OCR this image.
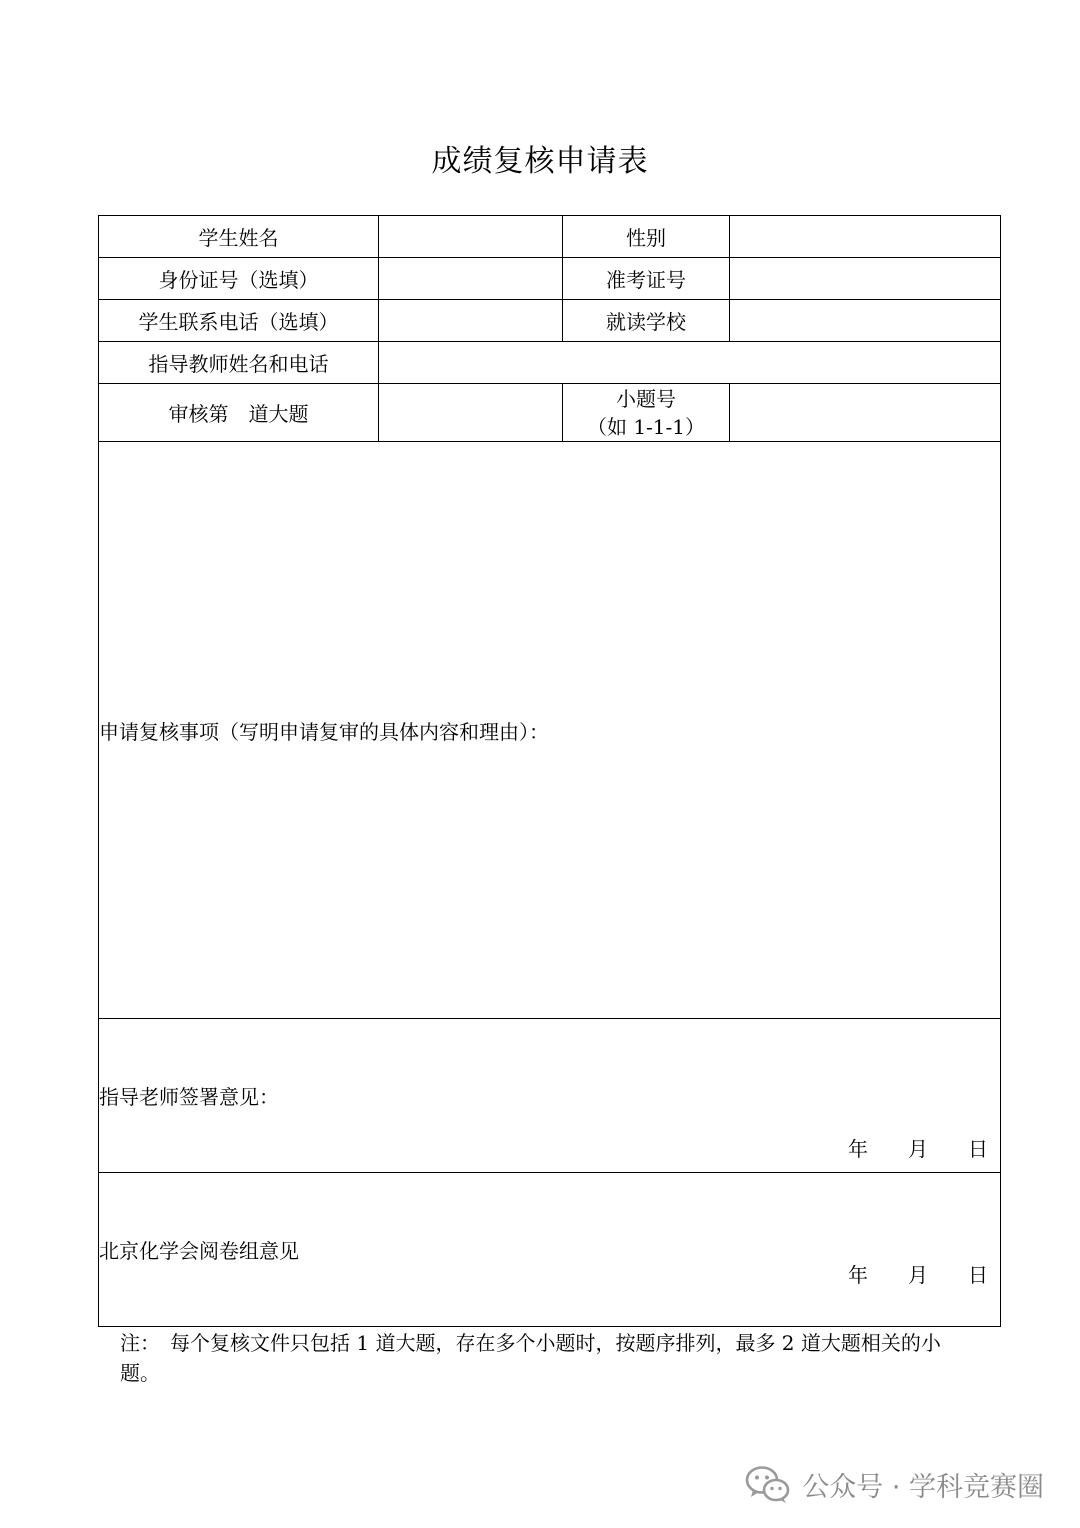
成绩复核申请表
学生姓名		性别	
身份证号（选填）		准考证号	
学生联系电话（选填）		就读学校	
指导教师姓名和电话			
审核第　道大题		小题号
（如 1-1-1）	

申请复核事项（写明申请复审的具体内容和理由）：			
指导老师签署意见：
年　　月　　日			

北京化学会阅卷组意见
年　　月　　日			
注：　每个复核文件只包括 1 道大题，存在多个小题时，按题序排列，最多 2 道大题相关的小题。
公众号 · 学科竞赛圈
